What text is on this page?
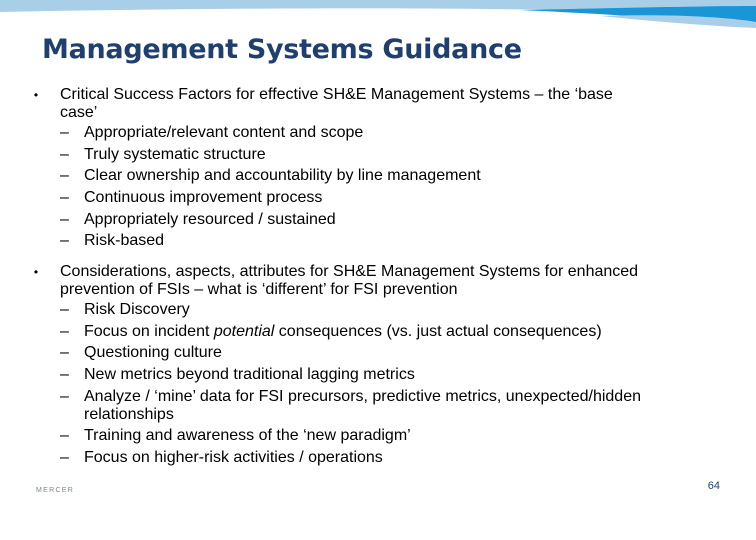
Management Systems Guidance
• Critical Success Factors for effective SH&E Management Systems – the ‘base
case’
– Appropriate/relevant content and scope
– Truly systematic structure
– Clear ownership and accountability by line management
– Continuous improvement process
– Appropriately resourced / sustained
– Risk-based
• Considerations, aspects, attributes for SH&E Management Systems for enhanced
prevention of FSIs – what is ‘different’ for FSI prevention
– Risk Discovery
– Focus on incident potential consequences (vs. just actual consequences)
– Questioning culture
– New metrics beyond traditional lagging metrics
– Analyze / ‘mine’ data for FSI precursors, predictive metrics, unexpected/hidden
relationships
– Training and awareness of the ‘new paradigm’
– Focus on higher-risk activities / operations
MERCER	64
